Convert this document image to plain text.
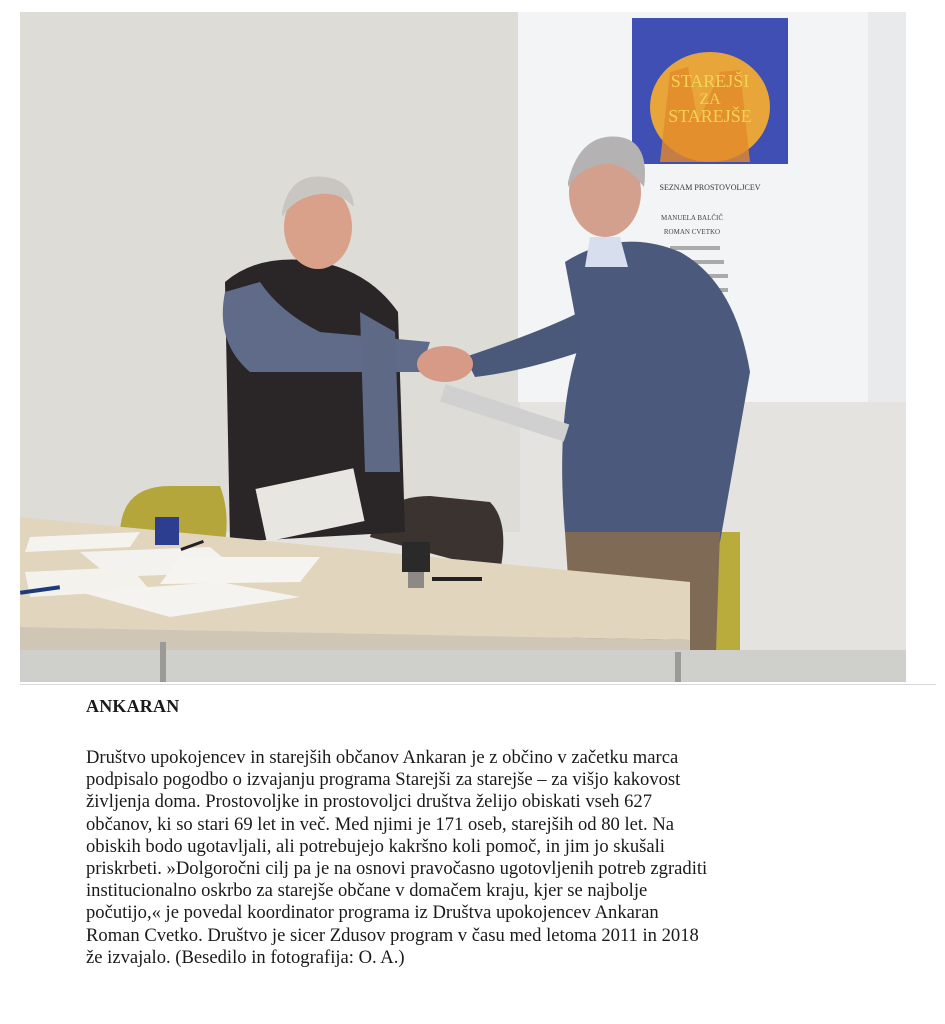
STAREJŠI
ZA
STAREJŠE
SEZNAM PROSTOVOLJCEV
MANUELA BALČIČ
ROMAN CVETKO
ANKARAN
Društvo upokojencev in starejših občanov Ankaran je z občino v začetku marca
podpisalo pogodbo o izvajanju programa Starejši za starejše – za višjo kakovost
življenja doma. Prostovoljke in prostovoljci društva želijo obiskati vseh 627
občanov, ki so stari 69 let in več. Med njimi je 171 oseb, starejših od 80 let. Na
obiskih bodo ugotavljali, ali potrebujejo kakršno koli pomoč, in jim jo skušali
priskrbeti. »Dolgoročni cilj pa je na osnovi pravočasno ugotovljenih potreb zgraditi
institucionalno oskrbo za starejše občane v domačem kraju, kjer se najbolje
počutijo,« je povedal koordinator programa iz Društva upokojencev Ankaran
Roman Cvetko. Društvo je sicer Zdusov program v času med letoma 2011 in 2018
že izvajalo. (Besedilo in fotografija: O. A.)
